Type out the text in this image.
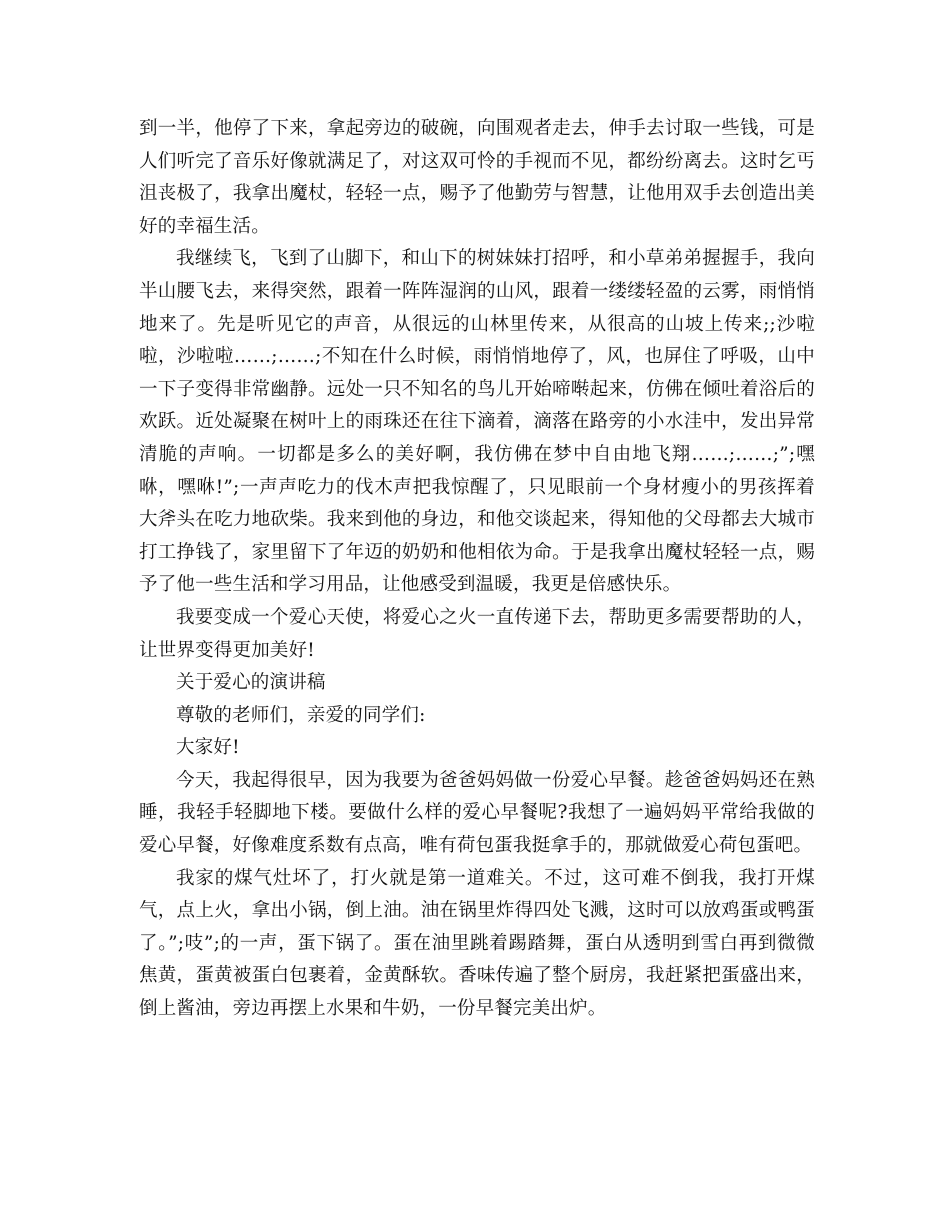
到一半，他停了下来，拿起旁边的破碗，向围观者走去，伸手去讨取一些钱，可是人们听完了音乐好像就满足了，对这双可怜的手视而不见，都纷纷离去。这时乞丐沮丧极了，我拿出魔杖，轻轻一点，赐予了他勤劳与智慧，让他用双手去创造出美好的幸福生活。

我继续飞，飞到了山脚下，和山下的树妹妹打招呼，和小草弟弟握握手，我向半山腰飞去，来得突然，跟着一阵阵湿润的山风，跟着一缕缕轻盈的云雾，雨悄悄地来了。先是听见它的声音，从很远的山林里传来，从很高的山坡上传来;;沙啦啦，沙啦啦……;……;不知在什么时候，雨悄悄地停了，风，也屏住了呼吸，山中一下子变得非常幽静。远处一只不知名的鸟儿开始啼啭起来，仿佛在倾吐着浴后的欢跃。近处凝聚在树叶上的雨珠还在往下滴着，滴落在路旁的小水洼中，发出异常清脆的声响。一切都是多么的美好啊，我仿佛在梦中自由地飞翔……;……;”;嘿咻，嘿咻!”;一声声吃力的伐木声把我惊醒了，只见眼前一个身材瘦小的男孩挥着大斧头在吃力地砍柴。我来到他的身边，和他交谈起来，得知他的父母都去大城市打工挣钱了，家里留下了年迈的奶奶和他相依为命。于是我拿出魔杖轻轻一点，赐予了他一些生活和学习用品，让他感受到温暖，我更是倍感快乐。

我要变成一个爱心天使，将爱心之火一直传递下去，帮助更多需要帮助的人，让世界变得更加美好!

关于爱心的演讲稿

尊敬的老师们，亲爱的同学们:

大家好!

今天，我起得很早，因为我要为爸爸妈妈做一份爱心早餐。趁爸爸妈妈还在熟睡，我轻手轻脚地下楼。要做什么样的爱心早餐呢?我想了一遍妈妈平常给我做的爱心早餐，好像难度系数有点高，唯有荷包蛋我挺拿手的，那就做爱心荷包蛋吧。

我家的煤气灶坏了，打火就是第一道难关。不过，这可难不倒我，我打开煤气，点上火，拿出小锅，倒上油。油在锅里炸得四处飞溅，这时可以放鸡蛋或鸭蛋了。”;吱”;的一声，蛋下锅了。蛋在油里跳着踢踏舞，蛋白从透明到雪白再到微微焦黄，蛋黄被蛋白包裹着，金黄酥软。香味传遍了整个厨房，我赶紧把蛋盛出来，倒上酱油，旁边再摆上水果和牛奶，一份早餐完美出炉。
